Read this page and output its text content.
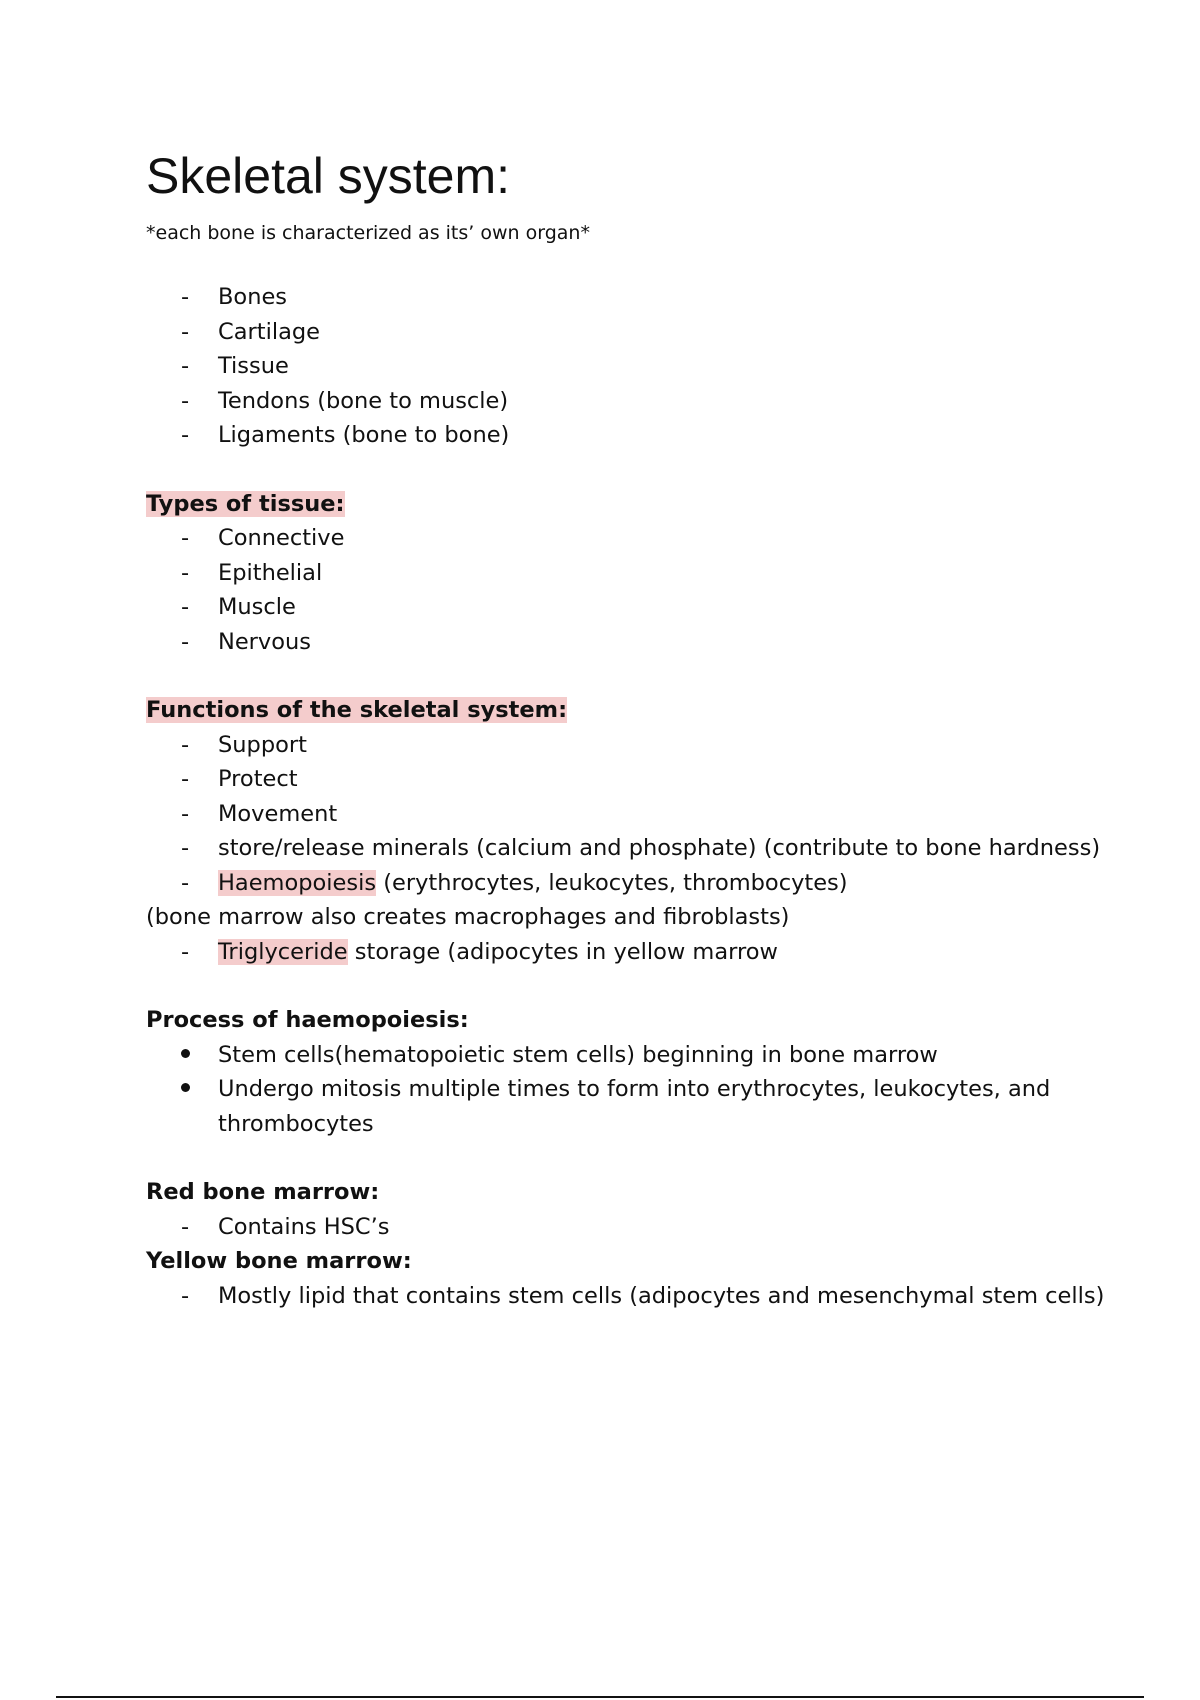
Skeletal system:

*each bone is characterized as its’ own organ*

-	Bones
-	Cartilage
-	Tissue
-	Tendons (bone to muscle)
-	Ligaments (bone to bone)

Types of tissue:

-	Connective
-	Epithelial
-	Muscle
-	Nervous

Functions of the skeletal system:

-	Support
-	Protect
-	Movement
-	store/release minerals (calcium and phosphate) (contribute to bone hardness)
-	Haemopoiesis (erythrocytes, leukocytes, thrombocytes)

(bone marrow also creates macrophages and fibroblasts)

-	Triglyceride storage (adipocytes in yellow marrow

Process of haemopoiesis:

Stem cells(hematopoietic stem cells) beginning in bone marrow
Undergo mitosis multiple times to form into erythrocytes, leukocytes, and thrombocytes

Red bone marrow:

-	Contains HSC’s

Yellow bone marrow:

-	Mostly lipid that contains stem cells (adipocytes and mesenchymal stem cells)
